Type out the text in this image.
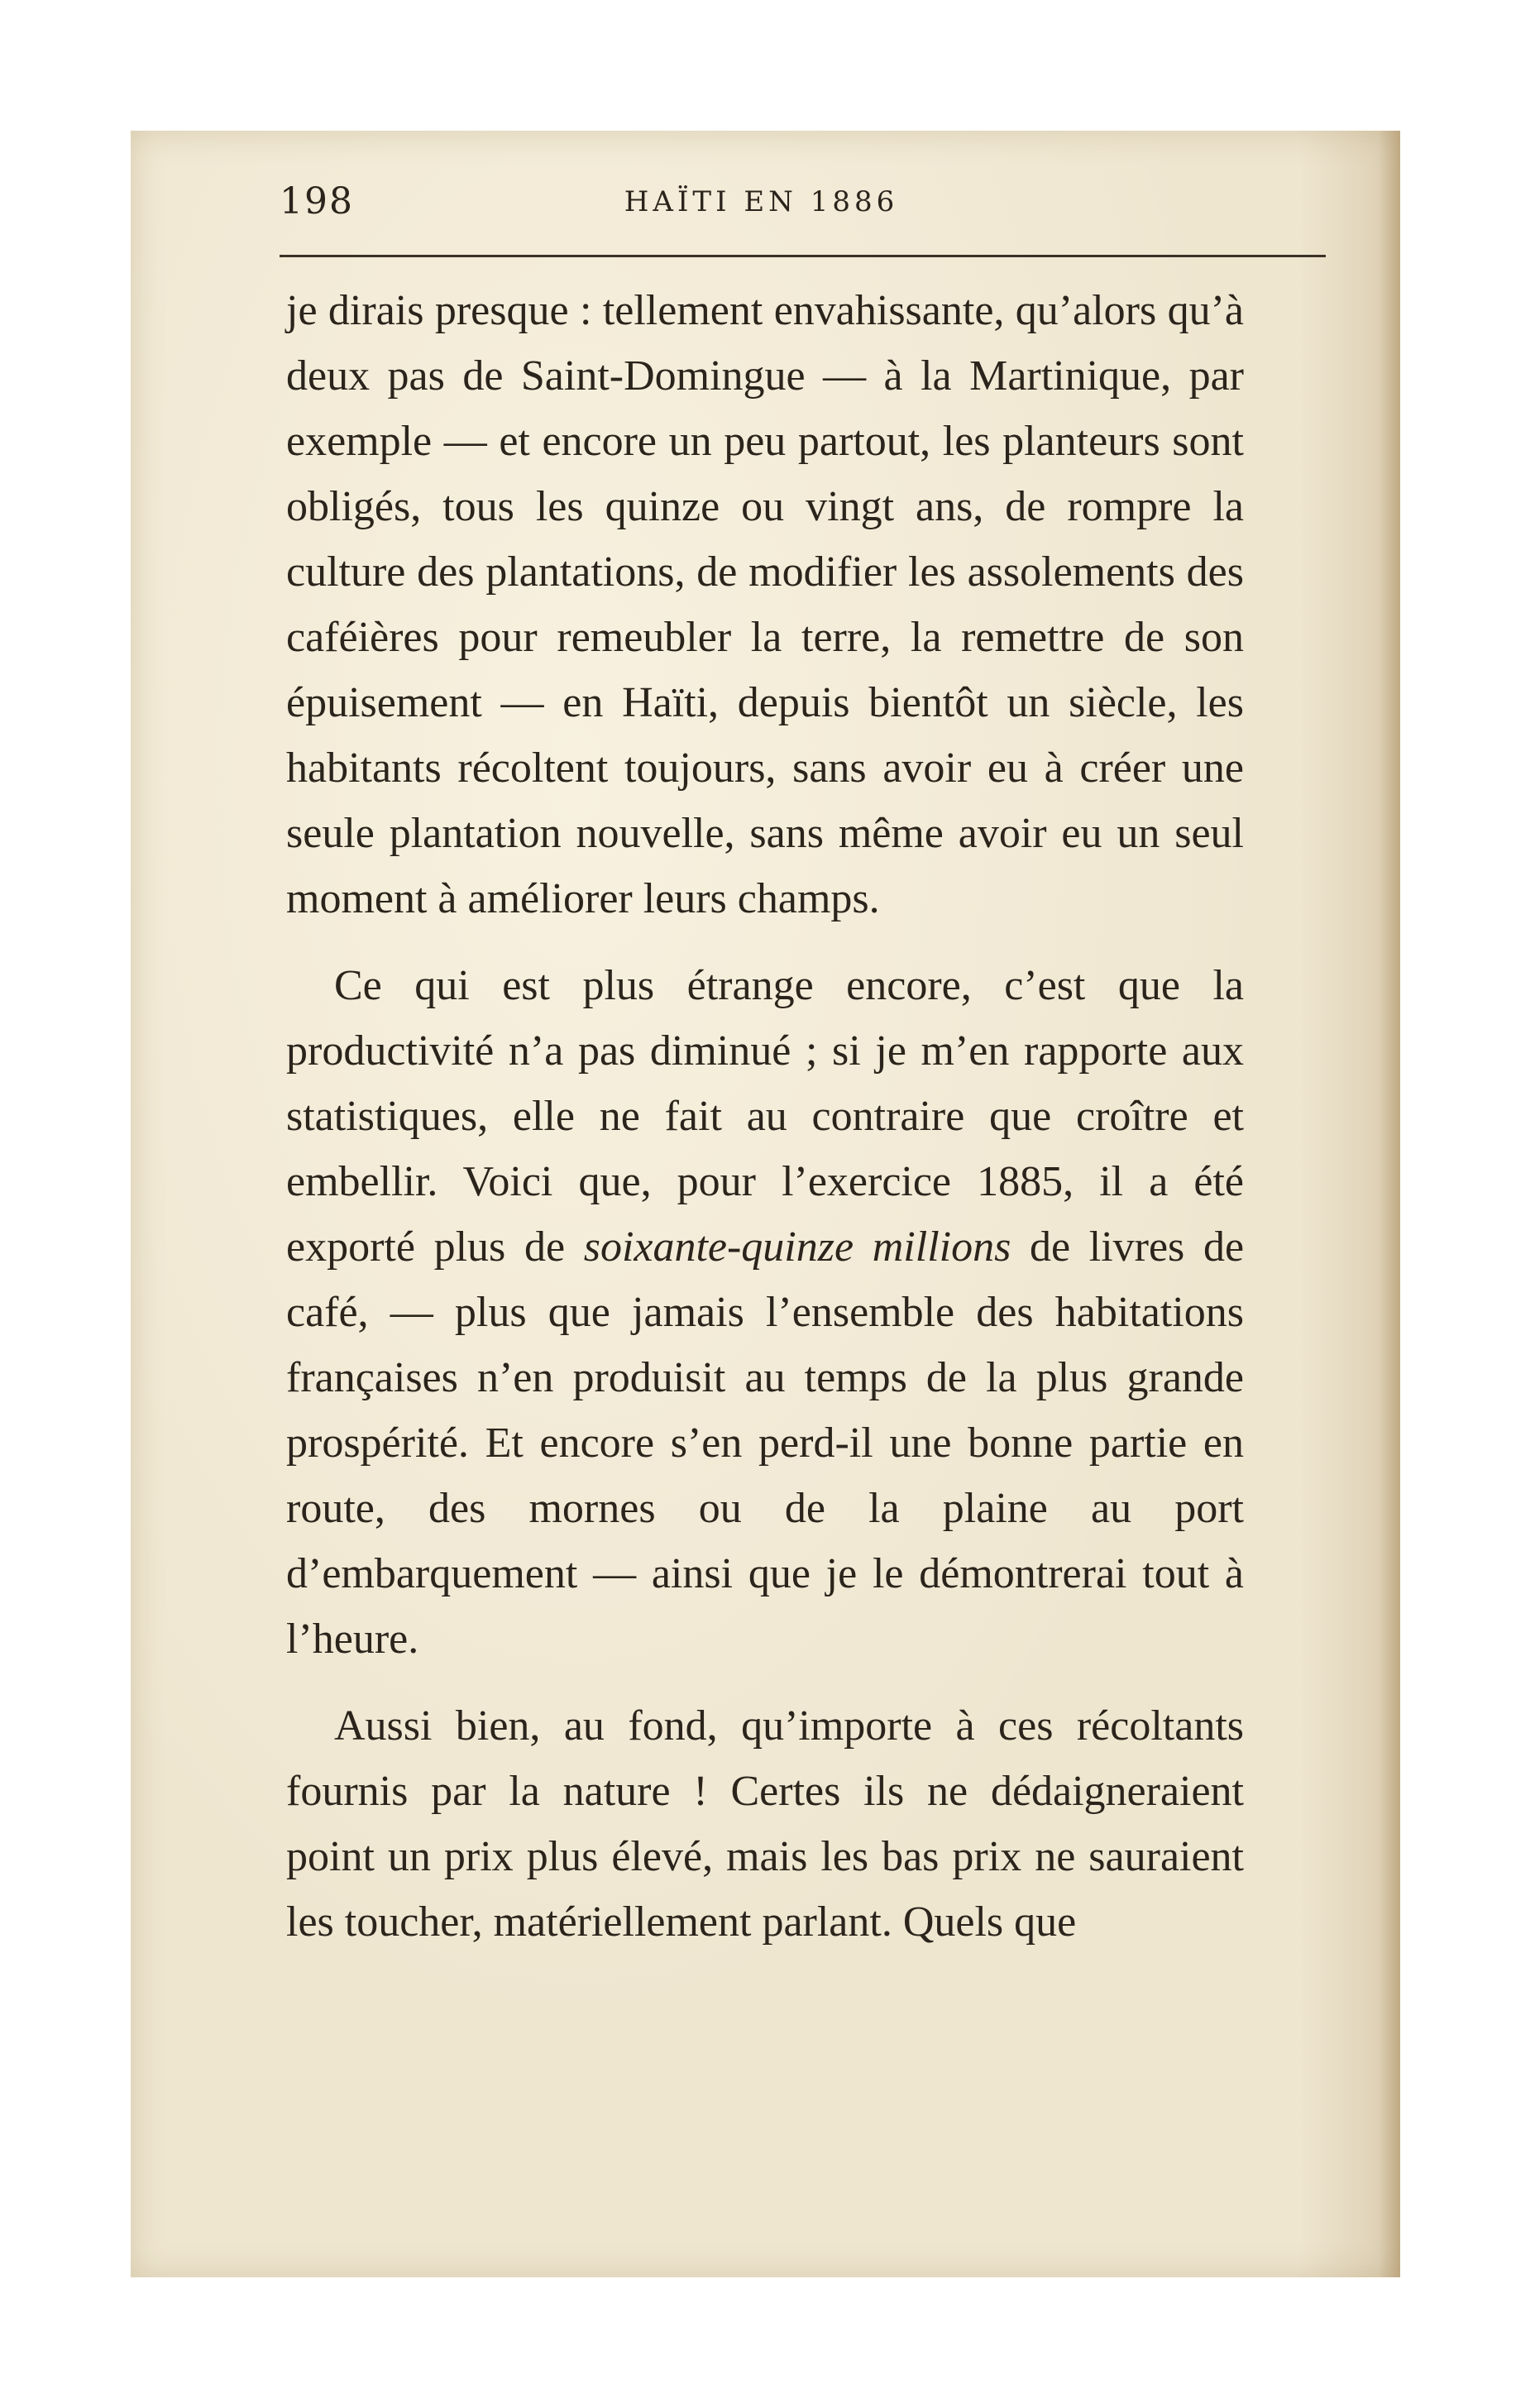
198	HAÏTI EN 1886

je dirais presque : tellement envahissante, qu’alors qu’à deux pas de Saint-Domingue — à la Martinique, par exemple — et encore un peu partout, les planteurs sont obligés, tous les quinze ou vingt ans, de rompre la culture des plantations, de modifier les assolements des caféières pour remeubler la terre, la remettre de son épuisement — en Haïti, depuis bientôt un siècle, les habitants récoltent toujours, sans avoir eu à créer une seule plantation nouvelle, sans même avoir eu un seul moment à améliorer leurs champs.

Ce qui est plus étrange encore, c’est que la productivité n’a pas diminué ; si je m’en rapporte aux statistiques, elle ne fait au contraire que croître et embellir. Voici que, pour l’exercice 1885, il a été exporté plus de soixante-quinze millions de livres de café, — plus que jamais l’ensemble des habitations françaises n’en produisit au temps de la plus grande prospérité. Et encore s’en perd-il une bonne partie en route, des mornes ou de la plaine au port d’embarquement — ainsi que je le démontrerai tout à l’heure.

Aussi bien, au fond, qu’importe à ces récoltants fournis par la nature ! Certes ils ne dédaigneraient point un prix plus élevé, mais les bas prix ne sauraient les toucher, matériellement parlant. Quels que
